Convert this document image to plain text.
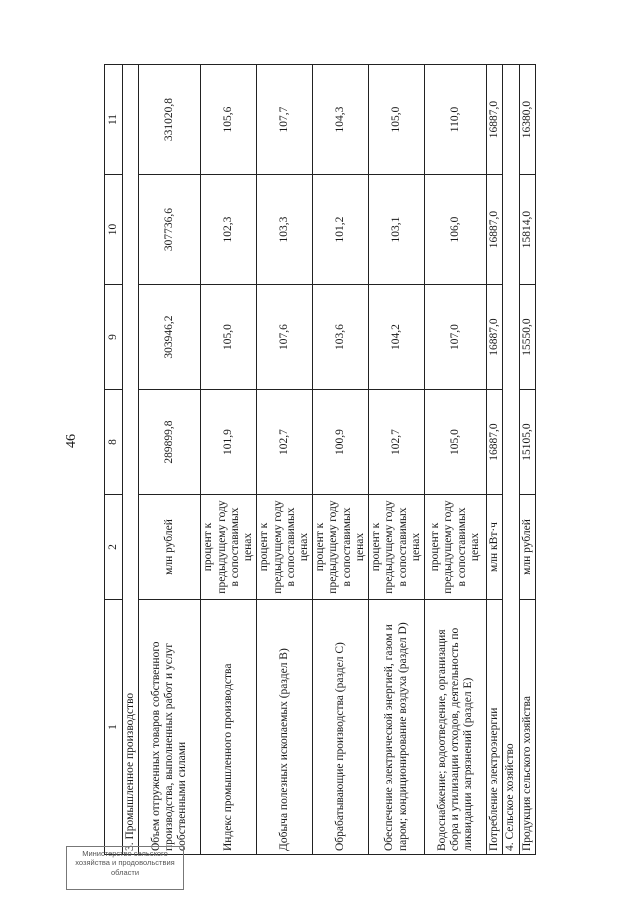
46
1	2	8	9	10	11
3. Промышленное производство					
Объем отгруженных товаров собственного производства, выполненных работ и услуг собственными силами	млн рублей	289899,8	303946,2	307736,6	331020,8
Индекс промышленного производства	процент к предыдущему году в сопоставимых ценах	101,9	105,0	102,3	105,6
Добыча полезных ископаемых (раздел B)	процент к предыдущему году в сопоставимых ценах	102,7	107,6	103,3	107,7
Обрабатывающие производства (раздел C)	процент к предыдущему году в сопоставимых ценах	100,9	103,6	101,2	104,3
Обеспечение электрической энергией, газом и паром; кондиционирование воздуха (раздел D)	процент к предыдущему году в сопоставимых ценах	102,7	104,2	103,1	105,0
Водоснабжение; водоотведение, организация сбора и утилизации отходов, деятельность по ликвидации загрязнений (раздел E)	процент к предыдущему году в сопоставимых ценах	105,0	107,0	106,0	110,0
Потребление электроэнергии	млн кВт·ч	16887,0	16887,0	16887,0	16887,0
4. Сельское хозяйство					
Продукция сельского хозяйства	млн рублей	15105,0	15550,0	15814,0	16380,0
Министерство сельского хозяйства и продовольствия области
